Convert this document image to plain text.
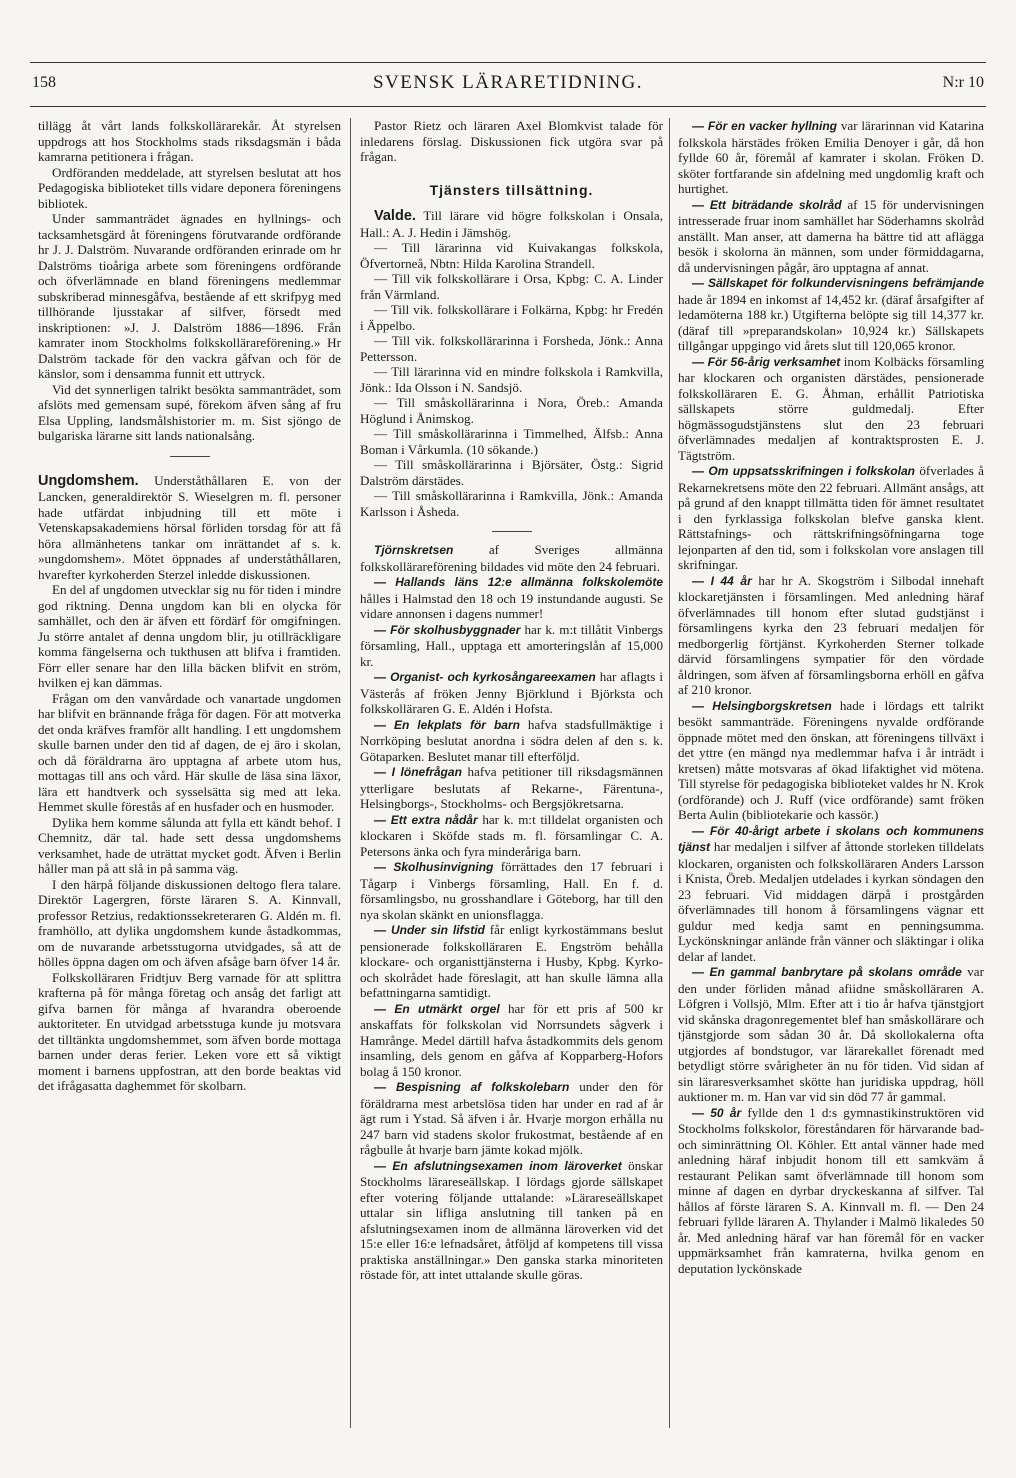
158	SVENSK LÄRARETIDNING.	N:r 10

tillägg åt vårt lands folkskollärarekår. Åt styrelsen uppdrogs att hos Stockholms stads riksdagsmän i båda kamrarna petitionera i frågan.

Ordföranden meddelade, att styrelsen beslutat att hos Pedagogiska biblioteket tills vidare deponera föreningens bibliotek.

Under sammanträdet ägnades en hyllnings- och tacksamhetsgärd åt föreningens förutvarande ordförande hr J. J. Dalström. Nuvarande ordföranden erinrade om hr Dalströms tioåriga arbete som föreningens ordförande och öfverlämnade en bland föreningens medlemmar subskriberad minnesgåfva, bestående af ett skrifpyg med tillhörande ljusstakar af silfver, försedt med inskriptionen: »J. J. Dalström 1886—1896. Från kamrater inom Stockholms folkskollärareförening.» Hr Dalström tackade för den vackra gåfvan och för de känslor, som i densamma funnit ett uttryck.

Vid det synnerligen talrikt besökta sammanträdet, som afslöts med gemensam supé, förekom äfven sång af fru Elsa Uppling, landsmålshistorier m. m. Sist sjöngo de bulgariska lärarne sitt lands nationalsång.

Ungdomshem. Underståthållaren E. von der Lancken, generaldirektör S. Wieselgren m. fl. personer hade utfärdat inbjudning till ett möte i Vetenskapsakademiens hörsal förliden torsdag för att få höra allmänhetens tankar om inrättandet af s. k. »ungdomshem». Mötet öppnades af underståthållaren, hvarefter kyrkoherden Sterzel inledde diskussionen.

En del af ungdomen utvecklar sig nu för tiden i mindre god riktning. Denna ungdom kan bli en olycka för samhället, och den är äfven ett fördärf för omgifningen. Ju större antalet af denna ungdom blir, ju otillräckligare komma fängelserna och tukthusen att blifva i framtiden. Förr eller senare har den lilla bäcken blifvit en ström, hvilken ej kan dämmas.

Frågan om den vanvårdade och vanartade ungdomen har blifvit en brännande fråga för dagen. För att motverka det onda kräfves framför allt handling. I ett ungdomshem skulle barnen under den tid af dagen, de ej äro i skolan, och då föräldrarna äro upptagna af arbete utom hus, mottagas till ans och vård. Här skulle de läsa sina läxor, lära ett handtverk och sysselsätta sig med att leka. Hemmet skulle förestås af en husfader och en husmoder.

Dylika hem komme sålunda att fylla ett kändt behof. I Chemnitz, där tal. hade sett dessa ungdomshems verksamhet, hade de uträttat mycket godt. Äfven i Berlin håller man på att slå in på samma väg.

I den härpå följande diskussionen deltogo flera talare. Direktör Lagergren, förste läraren S. A. Kinnvall, professor Retzius, redaktionssekreteraren G. Aldén m. fl. framhöllo, att dylika ungdomshem kunde åstadkommas, om de nuvarande arbetsstugorna utvidgades, så att de hölles öppna dagen om och äfven afsåge barn öfver 14 år.

Folkskolläraren Fridtjuv Berg varnade för att splittra krafterna på för många företag och ansåg det farligt att gifva barnen för många af hvarandra oberoende auktoriteter. En utvidgad arbetsstuga kunde ju motsvara det tilltänkta ungdomshemmet, som äfven borde mottaga barnen under deras ferier. Leken vore ett så viktigt moment i barnens uppfostran, att den borde beaktas vid det ifrågasatta daghemmet för skolbarn.

Pastor Rietz och läraren Axel Blomkvist talade för inledarens förslag. Diskussionen fick utgöra svar på frågan.

Tjänsters tillsättning.

Valde. Till lärare vid högre folkskolan i Onsala, Hall.: A. J. Hedin i Jämshög.

— Till lärarinna vid Kuivakangas folkskola, Öfvertorneå, Nbtn: Hilda Karolina Strandell.

— Till vik folkskollärare i Orsa, Kpbg: C. A. Linder från Värmland.

— Till vik. folkskollärare i Folkärna, Kpbg: hr Fredén i Äppelbo.

— Till vik. folkskollärarinna i Forsheda, Jönk.: Anna Pettersson.

— Till lärarinna vid en mindre folkskola i Ramkvilla, Jönk.: Ida Olsson i N. Sandsjö.

— Till småskollärarinna i Nora, Öreb.: Amanda Höglund i Ånimskog.

— Till småskollärarinna i Timmelhed, Älfsb.: Anna Boman i Vårkumla. (10 sökande.)

— Till småskollärarinna i Björsäter, Östg.: Sigrid Dalström därstädes.

— Till småskollärarinna i Ramkvilla, Jönk.: Amanda Karlsson i Åsheda.

Tjörnskretsen	af Sveriges allmänna folkskollärareförening bildades vid möte den 24 februari.

— Hallands läns 12:e allmänna folkskolemöte hålles i Halmstad den 18 och 19 instundande augusti. Se vidare annonsen i dagens nummer!

— För skolhusbyggnader har k. m:t tillåtit Vinbergs församling, Hall., upptaga ett amorteringslån af 15,000 kr.

— Organist- och kyrkosångareexamen har aflagts i Västerås af fröken Jenny Björklund i Björksta och folkskolläraren G. E. Aldén i Hofsta.

— En lekplats för barn hafva stadsfullmäktige i Norrköping beslutat anordna i södra delen af den s. k. Götaparken. Beslutet manar till efterföljd.

— I lönefrågan hafva petitioner till riksdagsmännen ytterligare beslutats af Rekarne-, Färentuna-, Helsingborgs-, Stockholms- och Bergsjökretsarna.

— Ett extra nådår har k. m:t tilldelat organisten och klockaren i Sköfde stads m. fl. församlingar C. A. Petersons änka och fyra minderåriga barn.

— Skolhusinvigning förrättades den 17 februari i Tågarp i Vinbergs församling, Hall. En f. d. församlingsbo, nu grosshandlare i Göteborg, har till den nya skolan skänkt en unionsflagga.

— Under sin lifstid får enligt kyrkostämmans beslut pensionerade folkskolläraren E. Engström behålla klockare- och organisttjänsterna i Husby, Kpbg. Kyrko- och skolrådet hade föreslagit, att han skulle lämna alla befattningarna samtidigt.

— En utmärkt orgel har för ett pris af 500 kr anskaffats för folkskolan vid Norrsundets sågverk i Hamrånge. Medel därtill hafva åstadkommits dels genom insamling, dels genom en gåfva af Kopparberg-Hofors bolag å 150 kronor.

— Bespisning af folkskolebarn under den för föräldrarna mest arbetslösa tiden har under en rad af år ägt rum i Ystad. Så äfven i år. Hvarje morgon erhålla nu 247 barn vid stadens skolor frukostmat, bestående af en rågbulle åt hvarje barn jämte kokad mjölk.

— En afslutningsexamen inom läroverket önskar Stockholms lärareseällskap. I lördags gjorde sällskapet efter votering följande uttalande: »Lärareseällskapet uttalar sin lifliga anslutning till tanken på en afslutningsexamen inom de allmänna läroverken vid det 15:e eller 16:e lefnadsåret, åtföljd af kompetens till vissa praktiska anställningar.» Den ganska starka minoriteten röstade för, att intet uttalande skulle göras.

— För en vacker hyllning var lärarinnan vid Katarina folkskola härstädes fröken Emilia Denoyer i går, då hon fyllde 60 år, föremål af kamrater i skolan. Fröken D. sköter fortfarande sin afdelning med ungdomlig kraft och hurtighet.

— Ett biträdande skolråd af 15 för undervisningen intresserade fruar inom samhället har Söderhamns skolråd anställt. Man anser, att damerna ha bättre tid att aflägga besök i skolorna än männen, som under förmiddagarna, då undervisningen pågår, äro upptagna af annat.

— Sällskapet för folkundervisningens befrämjande hade år 1894 en inkomst af 14,452 kr. (däraf årsafgifter af ledamöterna 188 kr.) Utgifterna belöpte sig till 14,377 kr. (däraf till »preparandskolan» 10,924 kr.) Sällskapets tillgångar uppgingo vid årets slut till 120,065 kronor.

— För 56-årig verksamhet inom Kolbäcks församling har klockaren och organisten därstädes, pensionerade folkskolläraren E. G. Åhman, erhållit Patriotiska sällskapets större guldmedalj. Efter högmässogudstjänstens slut den 23 februari öfverlämnades medaljen af kontraktsprosten E. J. Tägtström.

— Om uppsatsskrifningen i folkskolan öfverlades å Rekarnekretsens möte den 22 februari. Allmänt ansågs, att på grund af den knappt tillmätta tiden för ämnet resultatet i den fyrklassiga folkskolan blefve ganska klent. Rättstafnings- och rättskrifningsöfningarna toge lejonparten af den tid, som i folkskolan vore anslagen till skrifningar.

— I 44 år har hr A. Skogström i Silbodal innehaft klockaretjänsten i församlingen. Med anledning häraf öfverlämnades till honom efter slutad gudstjänst i församlingens kyrka den 23 februari medaljen för medborgerlig förtjänst. Kyrkoherden Sterner tolkade därvid församlingens sympatier för den vördade åldringen, som äfven af församlingsborna erhöll en gåfva af 210 kronor.

— Helsingborgskretsen hade i lördags ett talrikt besökt sammanträde. Föreningens nyvalde ordförande öppnade mötet med den önskan, att föreningens tillväxt i det yttre (en mängd nya medlemmar hafva i år inträdt i kretsen) måtte motsvaras af ökad lifaktighet vid mötena. Till styrelse för pedagogiska biblioteket valdes hr N. Krok (ordförande) och J. Ruff (vice ordförande) samt fröken Berta Aulin (bibliotekarie och kassör.)

— För 40-årigt arbete i skolans och kommunens tjänst har medaljen i silfver af åttonde storleken tilldelats klockaren, organisten och folkskolläraren Anders Larsson i Knista, Öreb. Medaljen utdelades i kyrkan söndagen den 23 februari. Vid middagen därpå i prostgården öfverlämnades till honom å församlingens vägnar ett guldur med kedja samt en penningsumma. Lyckönskningar anlände från vänner och släktingar i olika delar af landet.

— En gammal banbrytare på skolans område var den under förliden månad afiidne småskolläraren A. Löfgren i Vollsjö, Mlm. Efter att i tio år hafva tjänstgjort vid skånska dragonregementet blef han småskollärare och tjänstgjorde som sådan 30 år. Då skollokalerna ofta utgjordes af bondstugor, var lärarekallet förenadt med betydligt större svårigheter än nu för tiden. Vid sidan af sin läraresverksamhet skötte han juridiska uppdrag, höll auktioner m. m. Han var vid sin död 77 år gammal.

— 50 år fyllde den 1 d:s gymnastikinstruktören vid Stockholms folkskolor, föreståndaren för härvarande bad- och siminrättning Ol. Köhler. Ett antal vänner hade med anledning häraf inbjudit honom till ett samkväm å restaurant Pelikan samt öfverlämnade till honom som minne af dagen en dyrbar dryckeskanna af silfver. Tal hållos af förste läraren S. A. Kinnvall m. fl. — Den 24 februari fyllde läraren A. Thylander i Malmö likaledes 50 år. Med anledning häraf var han föremål för en vacker uppmärksamhet från kamraterna, hvilka genom en deputation lyckönskade
